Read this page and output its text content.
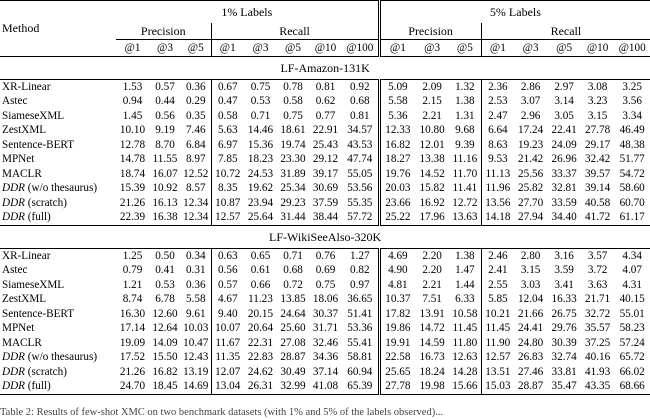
Method	1% Labels								5% Labels							
	Precision			Recall					Precision			Recall				
	@1	@3	@5	@1	@3	@5	@10	@100	@1	@3	@5	@1	@3	@5	@10	@100
LF-Amazon-131K																
XR-Linear	1.53	0.57	0.36	0.67	0.75	0.78	0.81	0.92	5.09	2.09	1.32	2.36	2.86	2.97	3.08	3.25
Astec	0.94	0.44	0.29	0.47	0.53	0.58	0.62	0.68	5.58	2.15	1.38	2.53	3.07	3.14	3.23	3.56
SiameseXML	1.45	0.56	0.35	0.58	0.71	0.75	0.77	0.81	5.36	2.21	1.31	2.47	2.96	3.05	3.15	3.34
ZestXML	10.10	9.19	7.46	5.63	14.46	18.61	22.91	34.57	12.33	10.80	9.68	6.64	17.24	22.41	27.78	46.49
Sentence-BERT	12.78	8.70	6.84	6.97	15.36	19.74	25.43	43.53	16.82	12.01	9.39	8.63	19.23	24.09	29.17	48.38
MPNet	14.78	11.55	8.97	7.85	18.23	23.30	29.12	47.74	18.27	13.38	11.16	9.53	21.42	26.96	32.42	51.77
MACLR	18.74	16.07	12.52	10.72	24.53	31.89	39.17	55.05	19.76	14.52	11.70	11.13	25.56	33.37	39.57	54.72
DDR (w/o thesaurus)	15.39	10.92	8.57	8.35	19.62	25.34	30.69	53.56	20.03	15.82	11.41	11.96	25.82	32.81	39.14	58.60
DDR (scratch)	21.26	16.13	12.34	10.87	23.94	29.23	37.59	55.35	23.66	16.92	12.72	13.56	27.70	33.59	40.58	60.70
DDR (full)	22.39	16.38	12.34	12.57	25.64	31.44	38.44	57.72	25.22	17.96	13.63	14.18	27.94	34.40	41.72	61.17
LF-WikiSeeAlso-320K																
XR-Linear	1.25	0.50	0.34	0.63	0.65	0.71	0.76	1.27	4.69	2.20	1.38	2.46	2.80	3.16	3.57	4.34
Astec	0.79	0.41	0.31	0.56	0.61	0.68	0.69	0.82	4.90	2.20	1.47	2.41	3.15	3.59	3.72	4.07
SiameseXML	1.21	0.53	0.36	0.57	0.66	0.72	0.75	0.97	4.81	2.21	1.44	2.55	3.03	3.41	3.63	4.31
ZestXML	8.74	6.78	5.58	4.67	11.23	13.85	18.06	36.65	10.37	7.51	6.33	5.85	12.04	16.33	21.71	40.15
Sentence-BERT	16.30	12.60	9.61	9.40	20.15	24.64	30.37	51.41	17.82	13.91	10.58	10.21	21.66	26.75	32.72	55.01
MPNet	17.14	12.64	10.03	10.07	20.64	25.60	31.71	53.36	19.86	14.72	11.45	11.45	24.41	29.76	35.57	58.23
MACLR	19.09	14.09	10.47	11.67	22.31	27.08	32.46	55.41	19.91	14.59	11.80	11.90	24.80	30.39	37.25	57.24
DDR (w/o thesaurus)	17.52	15.50	12.43	11.35	22.83	28.87	34.36	58.81	22.58	16.73	12.63	12.57	26.83	32.74	40.16	65.72
DDR (scratch)	21.26	16.82	13.19	12.07	24.62	30.49	37.14	60.94	25.65	18.24	14.28	13.51	27.46	33.81	41.93	66.02
DDR (full)	24.70	18.45	14.69	13.04	26.31	32.99	41.08	65.39	27.78	19.98	15.66	15.03	28.87	35.47	43.35	68.66
Table 2: Results of few-shot XMC on two benchmark datasets (with 1% and 5% of the labels observed)...
